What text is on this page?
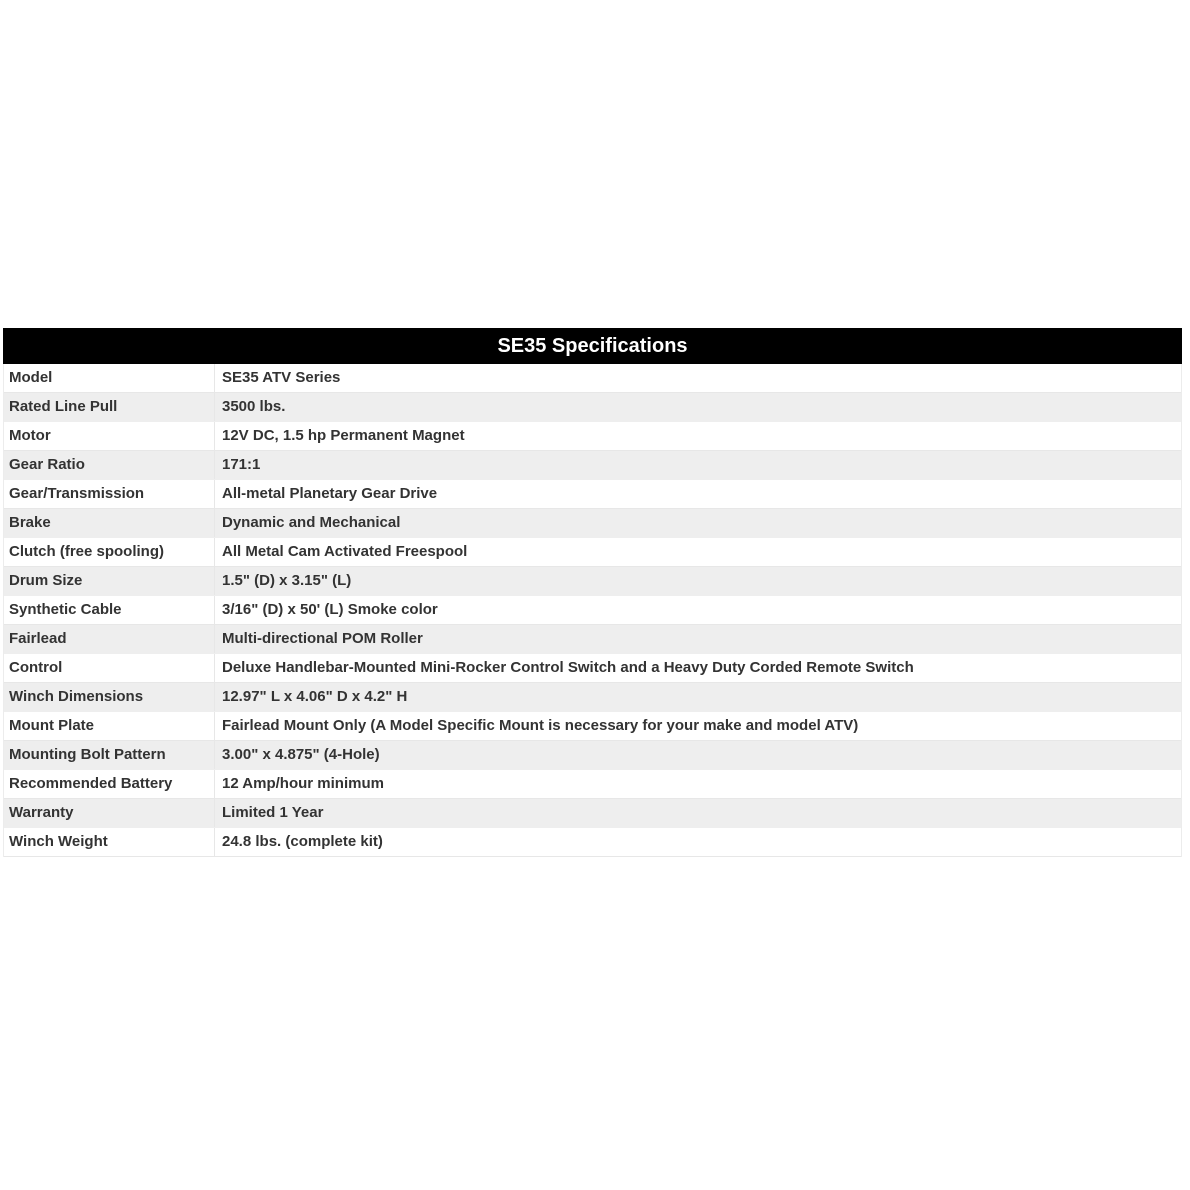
SE35 Specifications
Model	SE35 ATV Series
Rated Line Pull	3500 lbs.
Motor	12V DC, 1.5 hp Permanent Magnet
Gear Ratio	171:1
Gear/Transmission	All-metal Planetary Gear Drive
Brake	Dynamic and Mechanical
Clutch (free spooling)	All Metal Cam Activated Freespool
Drum Size	1.5" (D) x 3.15" (L)
Synthetic Cable	3/16" (D) x 50' (L) Smoke color
Fairlead	Multi-directional POM Roller
Control	Deluxe Handlebar-Mounted Mini-Rocker Control Switch and a Heavy Duty Corded Remote Switch
Winch Dimensions	12.97" L x 4.06" D x 4.2" H
Mount Plate	Fairlead Mount Only (A Model Specific Mount is necessary for your make and model ATV)
Mounting Bolt Pattern	3.00" x 4.875" (4-Hole)
Recommended Battery	12 Amp/hour minimum
Warranty	Limited 1 Year
Winch Weight	24.8 lbs. (complete kit)
